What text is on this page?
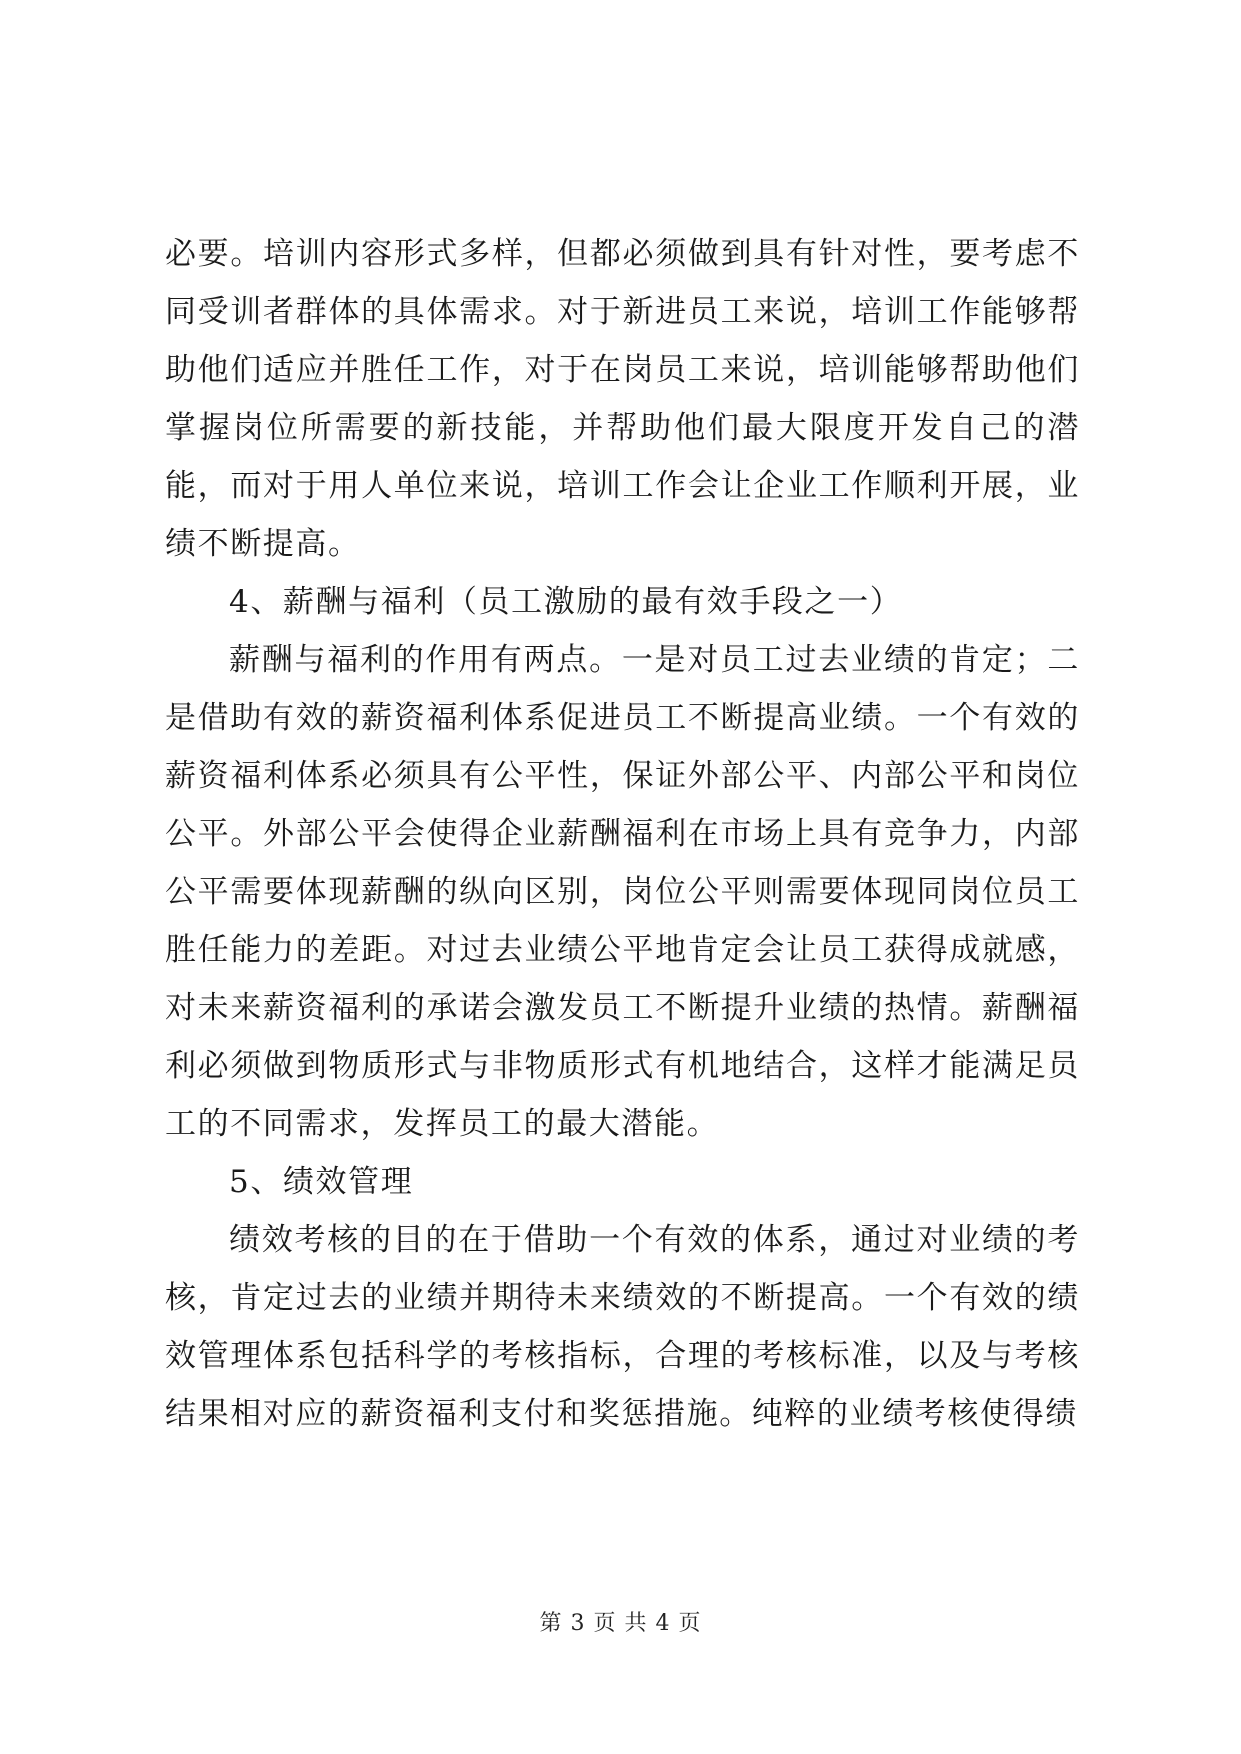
必要。培训内容形式多样，但都必须做到具有针对性，要考虑不同受训者群体的具体需求。对于新进员工来说，培训工作能够帮助他们适应并胜任工作，对于在岗员工来说，培训能够帮助他们掌握岗位所需要的新技能，并帮助他们最大限度开发自己的潜能，而对于用人单位来说，培训工作会让企业工作顺利开展，业绩不断提高。

4、薪酬与福利（员工激励的最有效手段之一）

薪酬与福利的作用有两点。一是对员工过去业绩的肯定；二是借助有效的薪资福利体系促进员工不断提高业绩。一个有效的薪资福利体系必须具有公平性，保证外部公平、内部公平和岗位公平。外部公平会使得企业薪酬福利在市场上具有竞争力，内部公平需要体现薪酬的纵向区别，岗位公平则需要体现同岗位员工胜任能力的差距。对过去业绩公平地肯定会让员工获得成就感，对未来薪资福利的承诺会激发员工不断提升业绩的热情。薪酬福利必须做到物质形式与非物质形式有机地结合，这样才能满足员工的不同需求，发挥员工的最大潜能。

5、绩效管理

绩效考核的目的在于借助一个有效的体系，通过对业绩的考核，肯定过去的业绩并期待未来绩效的不断提高。一个有效的绩效管理体系包括科学的考核指标，合理的考核标准，以及与考核结果相对应的薪资福利支付和奖惩措施。纯粹的业绩考核使得绩

第 3 页 共 4 页
